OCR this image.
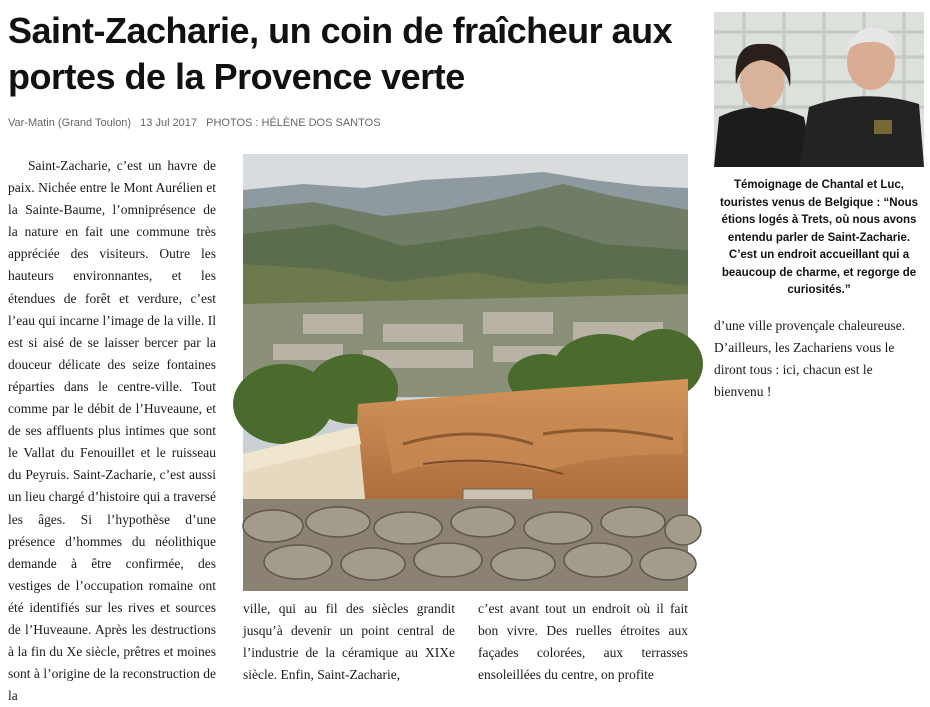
Saint-Zacharie, un coin de fraîcheur aux portes de la Provence verte
Var-Matin (Grand Toulon) 13 Jul 2017 PHOTOS : HÉLÈNE DOS SANTOS

Saint-Zacharie, c’est un havre de paix. Nichée entre le Mont Aurélien et la Sainte-Baume, l’omniprésence de la nature en fait une commune très appréciée des visiteurs. Outre les hauteurs environnantes, et les étendues de forêt et verdure, c’est l’eau qui incarne l’image de la ville. Il est si aisé de se laisser bercer par la douceur délicate des seize fontaines réparties dans le centre-ville. Tout comme par le débit de l’Huveaune, et de ses affluents plus intimes que sont le Vallat du Fenouillet et le ruisseau du Peyruis. Saint-Zacharie, c’est aussi un lieu chargé d’histoire qui a traversé les âges. Si l’hypothèse d’une présence d’hommes du néolithique demande à être confirmée, des vestiges de l’occupation romaine ont été identifiés sur les rives et sources de l’Huveaune. Après les destructions à la fin du Xe siècle, prêtres et moines sont à l’origine de la reconstruction de la

Témoignage de Chantal et Luc, touristes venus de Belgique : “Nous étions logés à Trets, où nous avons entendu parler de Saint-Zacharie. C’est un endroit accueillant qui a beaucoup de charme, et regorge de curiosités.”

ville, qui au fil des siècles grandit jusqu’à devenir un point central de l’industrie de la céramique au XIXe siècle. Enfin, Saint-Zacharie,

c’est avant tout un endroit où il fait bon vivre. Des ruelles étroites aux façades colorées, aux terrasses ensoleillées du centre, on profite

d’une ville provençale chaleureuse. D’ailleurs, les Zachariens vous le diront tous : ici, chacun est le bienvenu !
